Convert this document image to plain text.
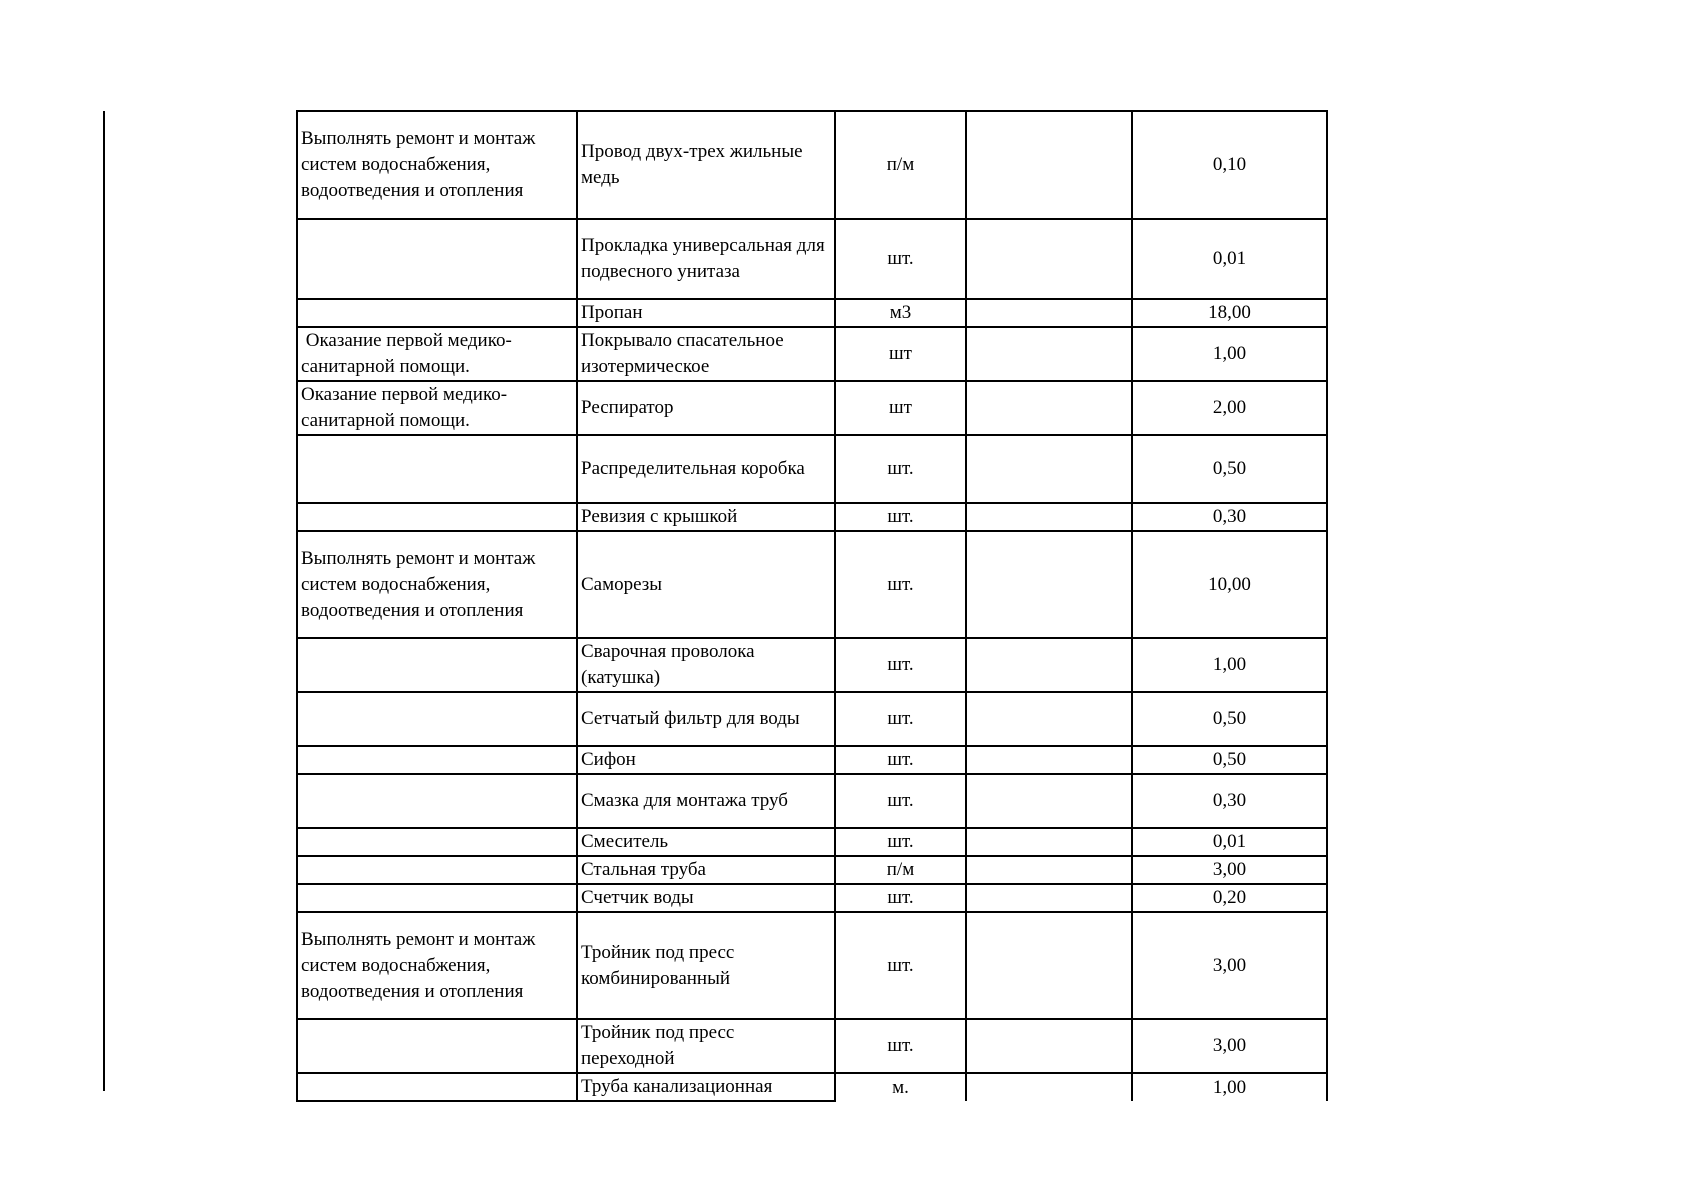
Выполнять ремонт и монтаж систем водоснабжения, водоотведения и отопления	Провод двух-трех жильные медь	п/м		0,10
	Прокладка универсальная для подвесного унитаза	шт.		0,01
	Пропан	м3		18,00
Оказание первой медико-санитарной помощи.	Покрывало спасательное изотермическое	шт		1,00
Оказание первой медико-санитарной помощи.	Респиратор	шт		2,00
	Распределительная коробка	шт.		0,50
	Ревизия с крышкой	шт.		0,30
Выполнять ремонт и монтаж систем водоснабжения, водоотведения и отопления	Саморезы	шт.		10,00
	Сварочная проволока (катушка)	шт.		1,00
	Сетчатый фильтр для воды	шт.		0,50
	Сифон	шт.		0,50
	Смазка для монтажа труб	шт.		0,30
	Смеситель	шт.		0,01
	Стальная труба	п/м		3,00
	Счетчик воды	шт.		0,20
Выполнять ремонт и монтаж систем водоснабжения, водоотведения и отопления	Тройник под пресс комбинированный	шт.		3,00
	Тройник под пресс переходной	шт.		3,00
	Труба канализационная	м.		1,00
